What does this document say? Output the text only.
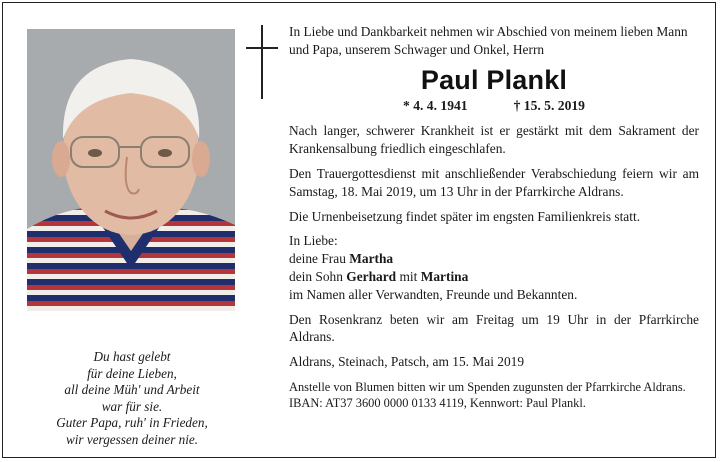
Du hast gelebt
für deine Lieben,
all deine Müh' und Arbeit
war für sie.
Guter Papa, ruh' in Frieden,
wir vergessen deiner nie.
In Liebe und Dankbarkeit nehmen wir Abschied von meinem lieben Mann und Papa, unserem Schwager und Onkel, Herrn
Paul Plankl
* 4. 4. 1941	† 15. 5. 2019
Nach langer, schwerer Krankheit ist er gestärkt mit dem Sakrament der Krankensalbung friedlich eingeschlafen.
Den Trauergottesdienst mit anschließender Verabschiedung feiern wir am Samstag, 18. Mai 2019, um 13 Uhr in der Pfarrkirche Aldrans.
Die Urnenbeisetzung findet später im engsten Familienkreis statt.
In Liebe:
deine Frau Martha
dein Sohn Gerhard mit Martina
im Namen aller Verwandten, Freunde und Bekannten.
Den Rosenkranz beten wir am Freitag um 19 Uhr in der Pfarrkirche Aldrans.
Aldrans, Steinach, Patsch, am 15. Mai 2019
Anstelle von Blumen bitten wir um Spenden zugunsten der Pfarrkirche Aldrans. IBAN: AT37 3600 0000 0133 4119, Kennwort: Paul Plankl.
